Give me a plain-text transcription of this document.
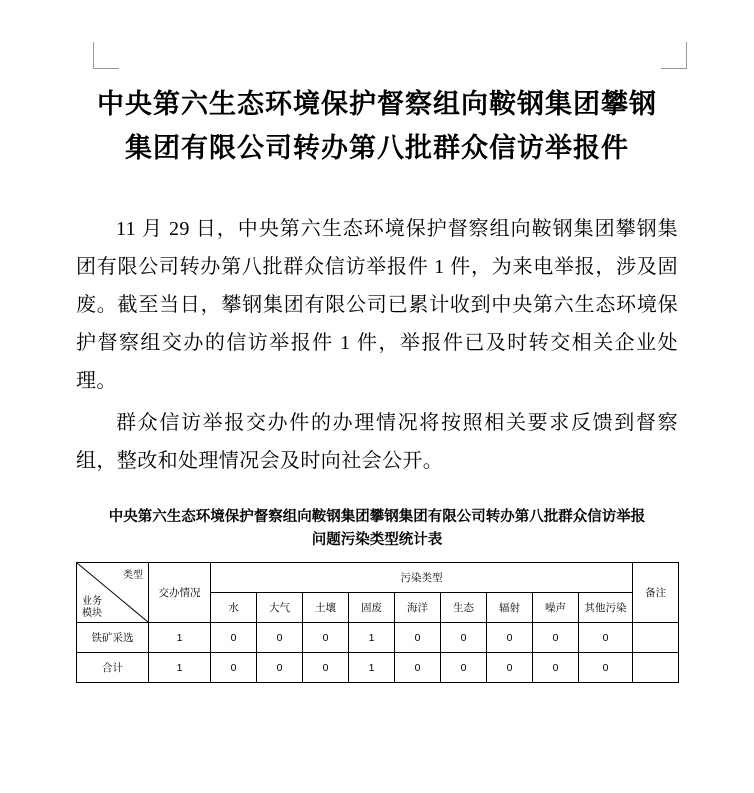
中央第六生态环境保护督察组向鞍钢集团攀钢集团有限公司转办第八批群众信访举报件

11 月 29 日，中央第六生态环境保护督察组向鞍钢集团攀钢集团有限公司转办第八批群众信访举报件 1 件，为来电举报，涉及固废。截至当日，攀钢集团有限公司已累计收到中央第六生态环境保护督察组交办的信访举报件 1 件，举报件已及时转交相关企业处理。

群众信访举报交办件的办理情况将按照相关要求反馈到督察组，整改和处理情况会及时向社会公开。

中央第六生态环境保护督察组向鞍钢集团攀钢集团有限公司转办第八批群众信访举报问题污染类型统计表
类型
业务
模块	交办情况	污染类型									备注
		水	大气	土壤	固废	海洋	生态	辐射	噪声	其他污染	
铁矿采选	1	0	0	0	1	0	0	0	0	0	
合计	1	0	0	0	1	0	0	0	0	0	
